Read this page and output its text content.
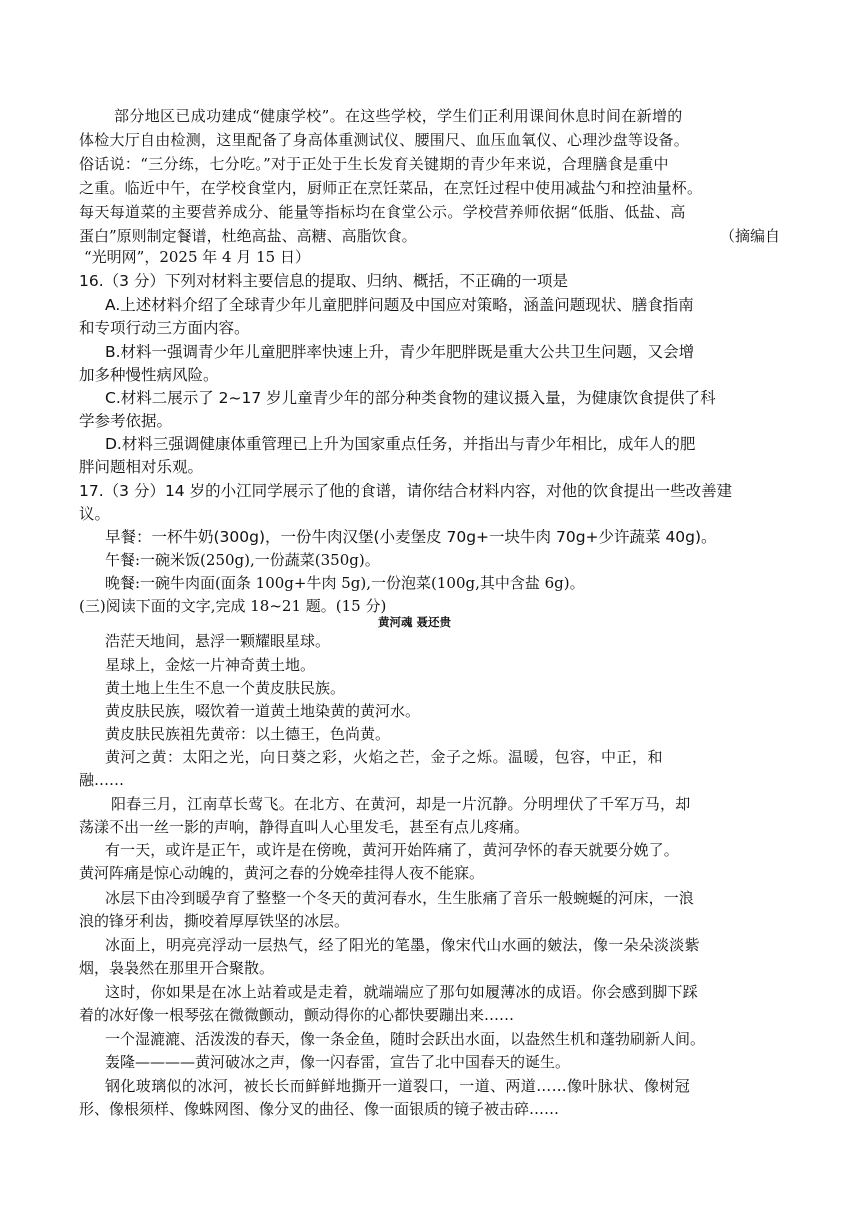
部分地区已成功建成“健康学校”。在这些学校，学生们正利用课间休息时间在新增的
体检大厅自由检测，这里配备了身高体重测试仪、腰围尺、血压血氧仪、心理沙盘等设备。
俗话说：“三分练，七分吃。”对于正处于生长发育关键期的青少年来说，合理膳食是重中
之重。临近中午，在学校食堂内，厨师正在烹饪菜品，在烹饪过程中使用减盐勺和控油量杯。
每天每道菜的主要营养成分、能量等指标均在食堂公示。学校营养师依据“低脂、低盐、高
蛋白”原则制定餐谱，杜绝高盐、高糖、高脂饮食。	（摘编自
“光明网”，2025 年 4 月 15 日）
16.（3 分）下列对材料主要信息的提取、归纳、概括，不正确的一项是
A.上述材料介绍了全球青少年儿童肥胖问题及中国应对策略，涵盖问题现状、膳食指南
和专项行动三方面内容。
B.材料一强调青少年儿童肥胖率快速上升，青少年肥胖既是重大公共卫生问题，又会增
加多种慢性病风险。
C.材料二展示了 2~17 岁儿童青少年的部分种类食物的建议摄入量，为健康饮食提供了科
学参考依据。
D.材料三强调健康体重管理已上升为国家重点任务，并指出与青少年相比，成年人的肥
胖问题相对乐观。
17.（3 分）14 岁的小江同学展示了他的食谱，请你结合材料内容，对他的饮食提出一些改善建
议。
早餐：一杯牛奶(300g)，一份牛肉汉堡(小麦堡皮 70g+一块牛肉 70g+少许蔬菜 40g)。
午餐:一碗米饭(250g),一份蔬菜(350g)。
晚餐:一碗牛肉面(面条 100g+牛肉 5g),一份泡菜(100g,其中含盐 6g)。
(三)阅读下面的文字,完成 18~21 题。(15 分)
黄河魂 聂还贵
浩茫天地间，悬浮一颗耀眼星球。
星球上，金炫一片神奇黄土地。
黄土地上生生不息一个黄皮肤民族。
黄皮肤民族，啜饮着一道黄土地染黄的黄河水。
黄皮肤民族祖先黄帝：以土德王，色尚黄。
黄河之黄：太阳之光，向日葵之彩，火焰之芒，金子之烁。温暖，包容，中正，和
融……
阳春三月，江南草长莺飞。在北方、在黄河，却是一片沉静。分明埋伏了千军万马，却
荡漾不出一丝一影的声响，静得直叫人心里发毛，甚至有点儿疼痛。
有一天，或许是正午，或许是在傍晚，黄河开始阵痛了，黄河孕怀的春天就要分娩了。
黄河阵痛是惊心动魄的，黄河之春的分娩牵挂得人夜不能寐。
冰层下由冷到暖孕育了整整一个冬天的黄河春水，生生胀痛了音乐一般蜿蜒的河床，一浪
浪的锋牙利齿，撕咬着厚厚铁坚的冰层。
冰面上，明亮亮浮动一层热气，经了阳光的笔墨，像宋代山水画的皴法，像一朵朵淡淡紫
烟，袅袅然在那里开合聚散。
这时，你如果是在冰上站着或是走着，就端端应了那句如履薄冰的成语。你会感到脚下踩
着的冰好像一根琴弦在微微颤动，颤动得你的心都快要蹦出来……
一个湿漉漉、活泼泼的春天，像一条金鱼，随时会跃出水面，以盎然生机和蓬勃刷新人间。
轰隆————黄河破冰之声，像一闪春雷，宣告了北中国春天的诞生。
钢化玻璃似的冰河，被长长而鲜鲜地撕开一道裂口，一道、两道……像叶脉状、像树冠
形、像根须样、像蛛网图、像分叉的曲径、像一面银质的镜子被击碎……
